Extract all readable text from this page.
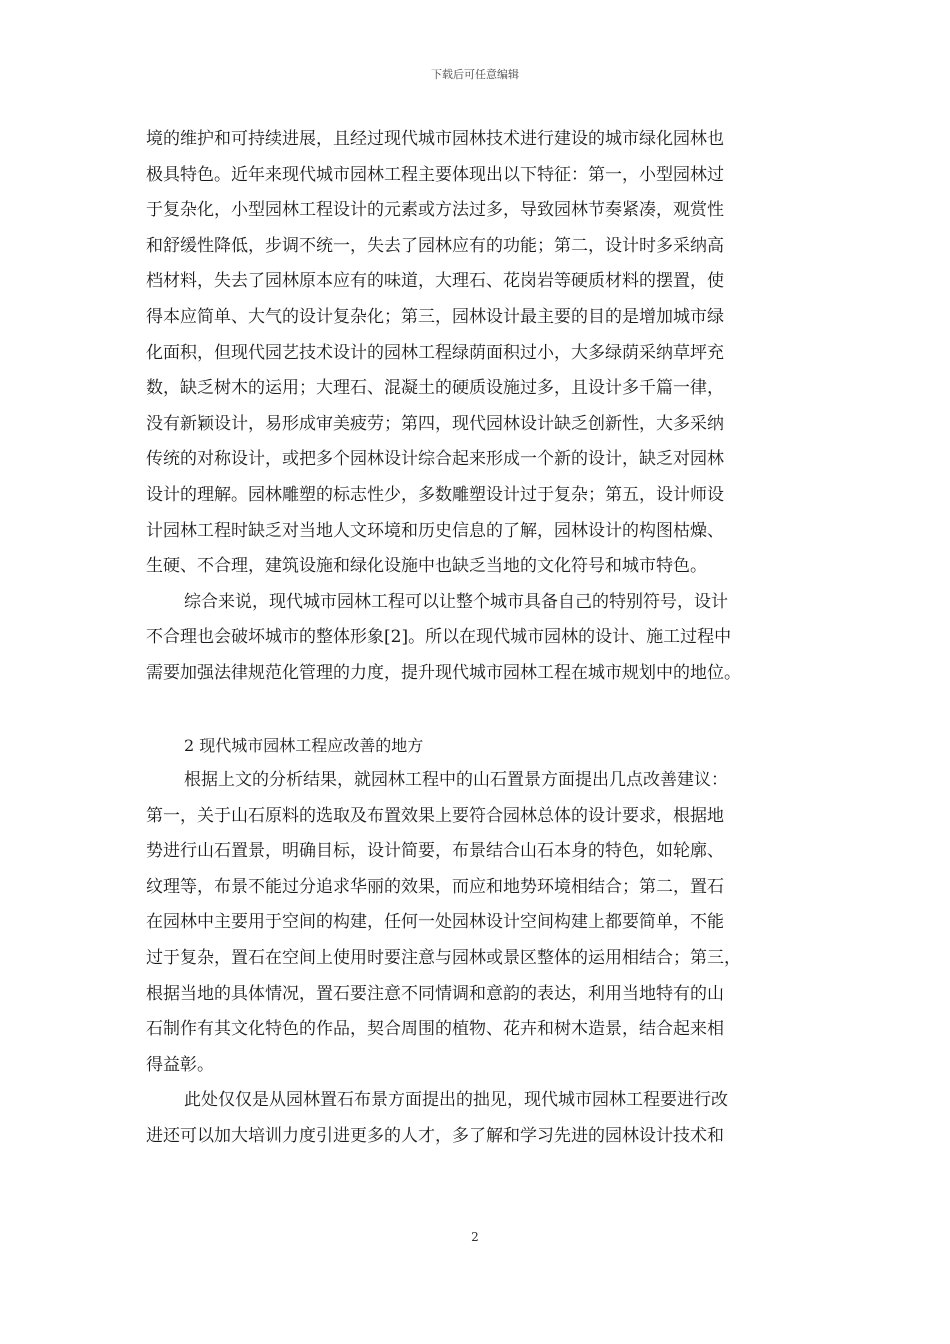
下载后可任意编辑
境的维护和可持续进展，且经过现代城市园林技术进行建设的城市绿化园林也
极具特色。近年来现代城市园林工程主要体现出以下特征：第一，小型园林过
于复杂化，小型园林工程设计的元素或方法过多，导致园林节奏紧凑，观赏性
和舒缓性降低，步调不统一，失去了园林应有的功能；第二，设计时多采纳高
档材料，失去了园林原本应有的味道，大理石、花岗岩等硬质材料的摆置，使
得本应简单、大气的设计复杂化；第三，园林设计最主要的目的是增加城市绿
化面积，但现代园艺技术设计的园林工程绿荫面积过小，大多绿荫采纳草坪充
数，缺乏树木的运用；大理石、混凝土的硬质设施过多，且设计多千篇一律，
没有新颖设计，易形成审美疲劳；第四，现代园林设计缺乏创新性，大多采纳
传统的对称设计，或把多个园林设计综合起来形成一个新的设计，缺乏对园林
设计的理解。园林雕塑的标志性少，多数雕塑设计过于复杂；第五，设计师设
计园林工程时缺乏对当地人文环境和历史信息的了解，园林设计的构图枯燥、
生硬、不合理，建筑设施和绿化设施中也缺乏当地的文化符号和城市特色。
综合来说，现代城市园林工程可以让整个城市具备自己的特别符号，设计
不合理也会破坏城市的整体形象[2]。所以在现代城市园林的设计、施工过程中
需要加强法律规范化管理的力度，提升现代城市园林工程在城市规划中的地位。
2 现代城市园林工程应改善的地方
根据上文的分析结果，就园林工程中的山石置景方面提出几点改善建议：
第一，关于山石原料的选取及布置效果上要符合园林总体的设计要求，根据地
势进行山石置景，明确目标，设计简要，布景结合山石本身的特色，如轮廓、
纹理等，布景不能过分追求华丽的效果，而应和地势环境相结合；第二，置石
在园林中主要用于空间的构建，任何一处园林设计空间构建上都要简单，不能
过于复杂，置石在空间上使用时要注意与园林或景区整体的运用相结合；第三，
根据当地的具体情况，置石要注意不同情调和意韵的表达，利用当地特有的山
石制作有其文化特色的作品，契合周围的植物、花卉和树木造景，结合起来相
得益彰。
此处仅仅是从园林置石布景方面提出的拙见，现代城市园林工程要进行改
进还可以加大培训力度引进更多的人才，多了解和学习先进的园林设计技术和
2
